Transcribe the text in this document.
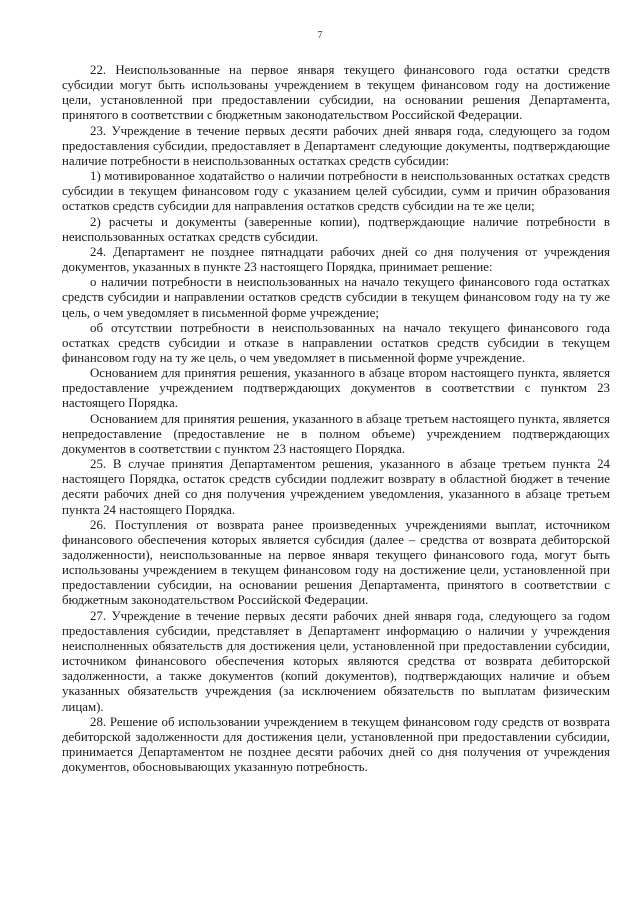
7

22. Неиспользованные на первое января текущего финансового года остатки средств субсидии могут быть использованы учреждением в текущем финансовом году на достижение цели, установленной при предоставлении субсидии, на основании решения Департамента, принятого в соответствии с бюджетным законодательством Российской Федерации.

23. Учреждение в течение первых десяти рабочих дней января года, следующего за годом предоставления субсидии, предоставляет в Департамент следующие документы, подтверждающие наличие потребности в неиспользованных остатках средств субсидии:

1) мотивированное ходатайство о наличии потребности в неиспользованных остатках средств субсидии в текущем финансовом году с указанием целей субсидии, сумм и причин образования остатков средств субсидии для направления остатков средств субсидии на те же цели;

2) расчеты и документы (заверенные копии), подтверждающие наличие потребности в неиспользованных остатках средств субсидии.

24. Департамент не позднее пятнадцати рабочих дней со дня получения от учреждения документов, указанных в пункте 23 настоящего Порядка, принимает решение:

о наличии потребности в неиспользованных на начало текущего финансового года остатках средств субсидии и направлении остатков средств субсидии в текущем финансовом году на ту же цель, о чем уведомляет в письменной форме учреждение;

об отсутствии потребности в неиспользованных на начало текущего финансового года остатках средств субсидии и отказе в направлении остатков средств субсидии в текущем финансовом году на ту же цель, о чем уведомляет в письменной форме учреждение.

Основанием для принятия решения, указанного в абзаце втором настоящего пункта, является предоставление учреждением подтверждающих документов в соответствии с пунктом 23 настоящего Порядка.

Основанием для принятия решения, указанного в абзаце третьем настоящего пункта, является непредоставление (предоставление не в полном объеме) учреждением подтверждающих документов в соответствии с пунктом 23 настоящего Порядка.

25. В случае принятия Департаментом решения, указанного в абзаце третьем пункта 24 настоящего Порядка, остаток средств субсидии подлежит возврату в областной бюджет в течение десяти рабочих дней со дня получения учреждением уведомления, указанного в абзаце третьем пункта 24 настоящего Порядка.

26. Поступления от возврата ранее произведенных учреждениями выплат, источником финансового обеспечения которых является субсидия (далее – средства от возврата дебиторской задолженности), неиспользованные на первое января текущего финансового года, могут быть использованы учреждением в текущем финансовом году на достижение цели, установленной при предоставлении субсидии, на основании решения Департамента, принятого в соответствии с бюджетным законодательством Российской Федерации.

27. Учреждение в течение первых десяти рабочих дней января года, следующего за годом предоставления субсидии, представляет в Департамент информацию о наличии у учреждения неисполненных обязательств для достижения цели, установленной при предоставлении субсидии, источником финансового обеспечения которых являются средства от возврата дебиторской задолженности, а также документов (копий документов), подтверждающих наличие и объем указанных обязательств учреждения (за исключением обязательств по выплатам физическим лицам).

28. Решение об использовании учреждением в текущем финансовом году средств от возврата дебиторской задолженности для достижения цели, установленной при предоставлении субсидии, принимается Департаментом не позднее десяти рабочих дней со дня получения от учреждения документов, обосновывающих указанную потребность.
